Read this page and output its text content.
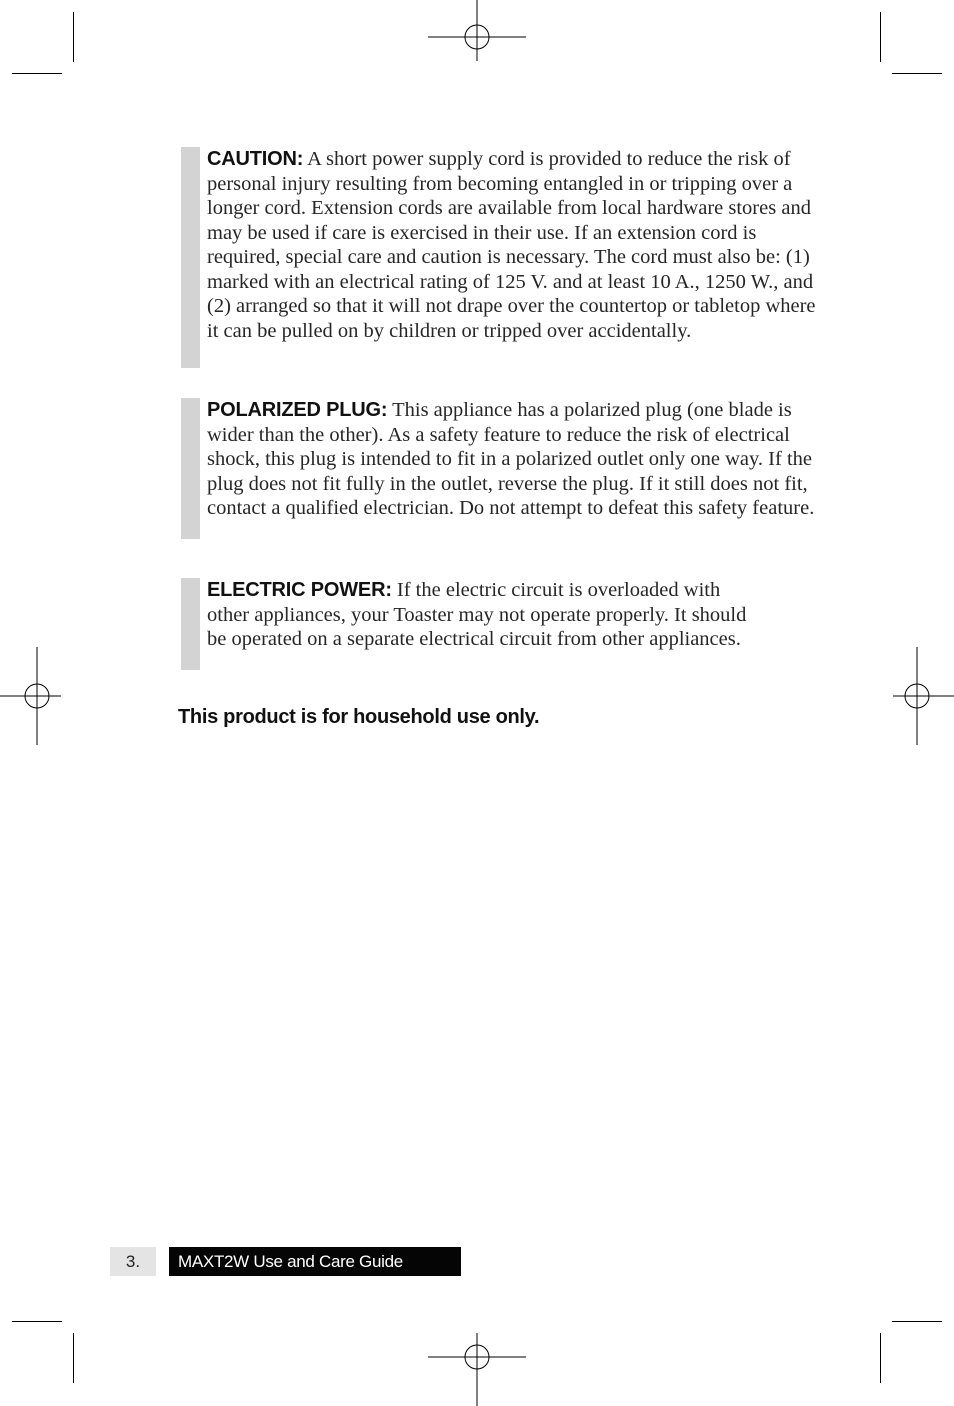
CAUTION: A short power supply cord is provided to reduce the risk of personal injury resulting from becoming entangled in or tripping over a longer cord. Extension cords are available from local hardware stores and may be used if care is exercised in their use. If an extension cord is required, special care and caution is necessary. The cord must also be: (1) marked with an electrical rating of 125 V. and at least 10 A., 1250 W., and (2) arranged so that it will not drape over the countertop or tabletop where it can be pulled on by children or tripped over accidentally.
POLARIZED PLUG: This appliance has a polarized plug (one blade is wider than the other). As a safety feature to reduce the risk of electrical shock, this plug is intended to fit in a polarized outlet only one way. If the plug does not fit fully in the outlet, reverse the plug. If it still does not fit, contact a qualified electrician. Do not attempt to defeat this safety feature.
ELECTRIC POWER: If the electric circuit is overloaded with other appliances, your Toaster may not operate properly. It should be operated on a separate electrical circuit from other appliances.
This product is for household use only.
3.	MAXT2W Use and Care Guide
